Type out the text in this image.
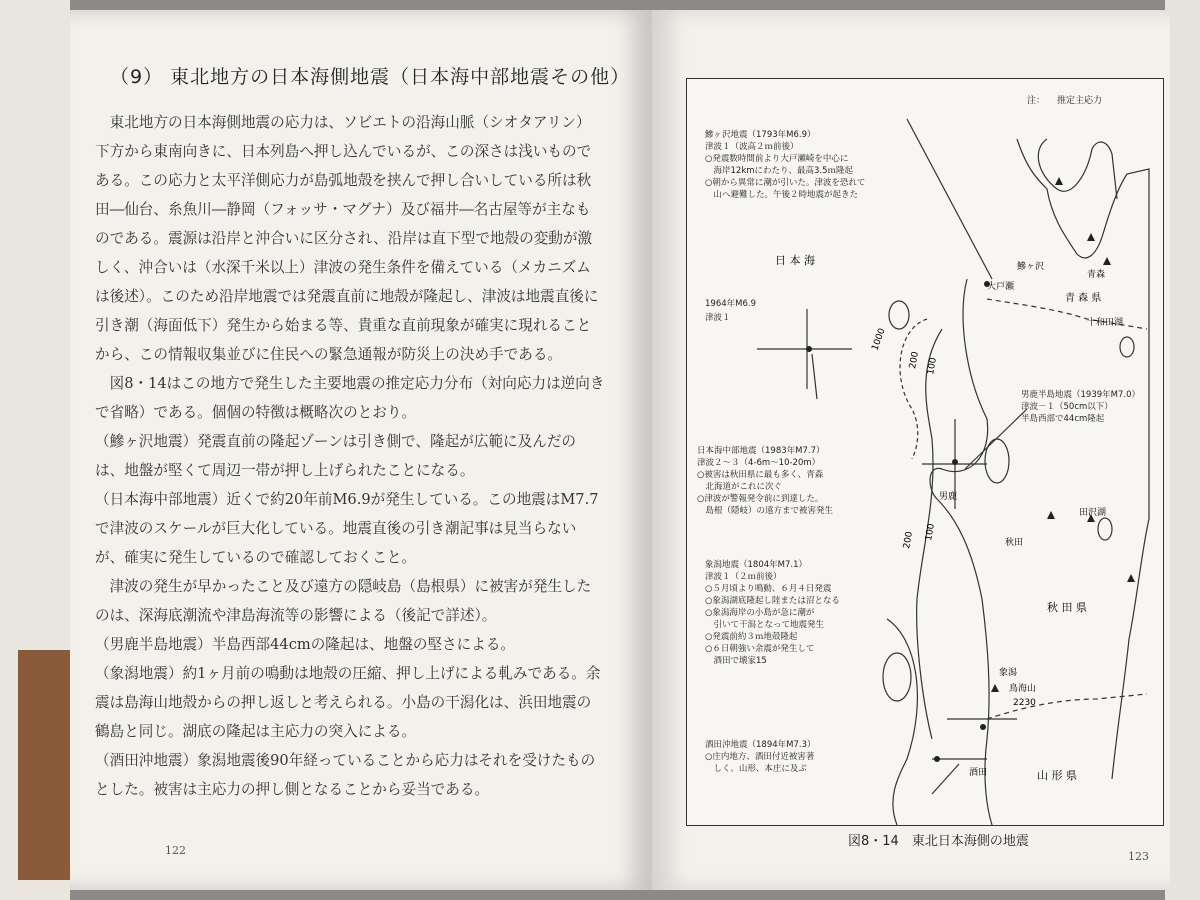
（9） 東北地方の日本海側地震（日本海中部地震その他）

東北地方の日本海側地震の応力は、ソビエトの沿海山脈（シオタアリン）下方から東南向きに、日本列島へ押し込んでいるが、この深さは浅いものである。この応力と太平洋側応力が島弧地殻を挟んで押し合いしている所は秋田―仙台、糸魚川―静岡（フォッサ・マグナ）及び福井―名古屋等が主なものである。震源は沿岸と沖合いに区分され、沿岸は直下型で地殻の変動が激しく、沖合いは（水深千米以上）津波の発生条件を備えている（メカニズムは後述）。このため沿岸地震では発震直前に地殻が隆起し、津波は地震直後に引き潮（海面低下）発生から始まる等、貴重な直前現象が確実に現れることから、この情報収集並びに住民への緊急通報が防災上の決め手である。

図8・14はこの地方で発生した主要地震の推定応力分布（対向応力は逆向きで省略）である。個個の特徴は概略次のとおり。

（鰺ヶ沢地震）発震直前の隆起ゾーンは引き側で、隆起が広範に及んだのは、地盤が堅くて周辺一帯が押し上げられたことになる。

（日本海中部地震）近くで約20年前M6.9が発生している。この地震はM7.7で津波のスケールが巨大化している。地震直後の引き潮記事は見当らないが、確実に発生しているので確認しておくこと。

津波の発生が早かったこと及び遠方の隠岐島（島根県）に被害が発生したのは、深海底潮流や津島海流等の影響による（後記で詳述）。

（男鹿半島地震）半島西部44cmの隆起は、地盤の堅さによる。

（象潟地震）約1ヶ月前の鳴動は地殻の圧縮、押し上げによる軋みである。余震は島海山地殻からの押し返しと考えられる。小島の干潟化は、浜田地震の鶴島と同じ。湖底の隆起は主応力の突入による。

（酒田沖地震）象潟地震後90年経っていることから応力はそれを受けたものとした。被害は主応力の押し側となることから妥当である。

122	123
日 本 海	鰺ヶ沢
青森
青 森 県
十和田湖
大戸瀬
男鹿
田沢湖
秋田
秋 田 県
象潟
鳥海山
2230
酒田	山 形 県
1000
200 100
200 100
注： 推定主応力
鰺ヶ沢地震（1793年M6.9）
津波１（波高２ｍ前後）
○発震数時間前より大戸瀬崎を中心に
　海岸12kmにわたり、最高3.5ｍ隆起
○朝から異常に潮が引いた。津波を恐れて
　山へ避難した。午後２時地震が起きた
1964年M6.9
津波１
男鹿半島地震（1939年M7.0）
津波－１（50cm以下）
半島西部で44cm隆起
日本海中部地震（1983年M7.7）
津波２～３（4-6m～10-20m）
○被害は秋田県に最も多く、青森
　北海道がこれに次ぐ
○津波が警報発令前に到達した。
　島根（隠岐）の遠方まで被害発生
象潟地震（1804年M7.1）
津波１（２ｍ前後）
○５月頃より鳴動、６月４日発震
○象潟湖底隆起し陸または沼となる
○象潟海岸の小島が急に潮が
　引いて干潟となって地震発生
○発震前約３ｍ地殻隆起
○６日朝強い余震が発生して
　酒田で壊家15
酒田沖地震（1894年M7.3）
○庄内地方、酒田付近被害著
　しく、山形、本庄に及ぶ
図8・14　東北日本海側の地震
